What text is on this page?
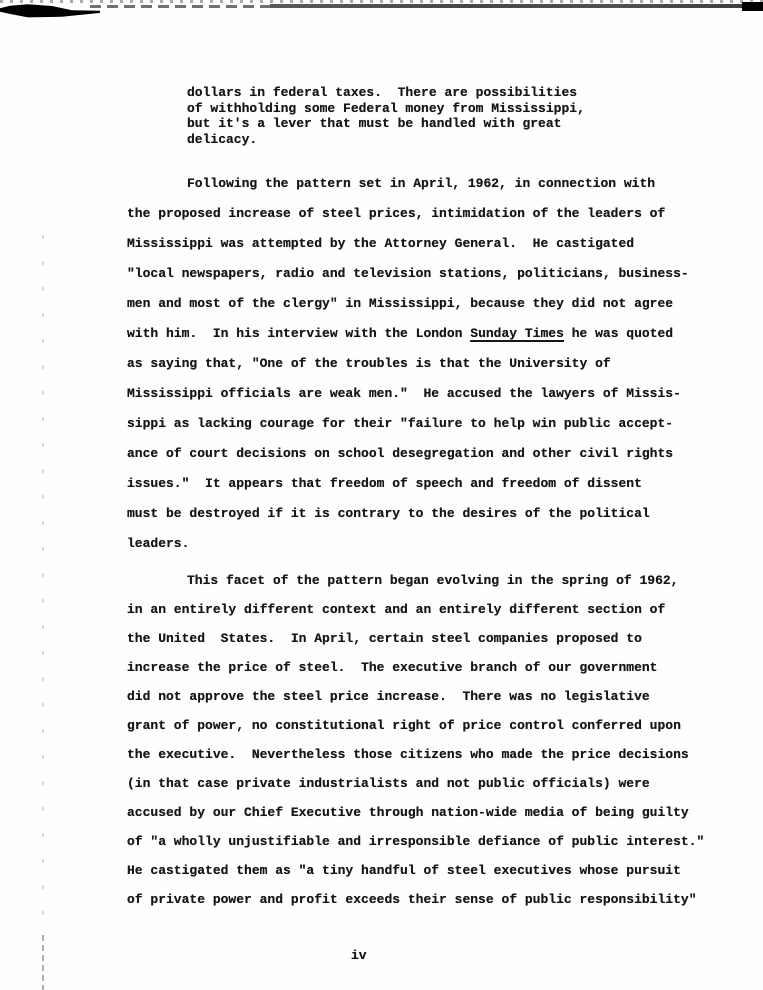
dollars in federal taxes.  There are possibilities
of withholding some Federal money from Mississippi,
but it's a lever that must be handled with great
delicacy.
Following the pattern set in April, 1962, in connection with
the proposed increase of steel prices, intimidation of the leaders of
Mississippi was attempted by the Attorney General.  He castigated
"local newspapers, radio and television stations, politicians, business-
men and most of the clergy" in Mississippi, because they did not agree
with him.  In his interview with the London Sunday Times he was quoted
as saying that, "One of the troubles is that the University of
Mississippi officials are weak men."  He accused the lawyers of Missis-
sippi as lacking courage for their "failure to help win public accept-
ance of court decisions on school desegregation and other civil rights
issues."  It appears that freedom of speech and freedom of dissent
must be destroyed if it is contrary to the desires of the political
leaders.
This facet of the pattern began evolving in the spring of 1962,
in an entirely different context and an entirely different section of
the United  States.  In April, certain steel companies proposed to
increase the price of steel.  The executive branch of our government
did not approve the steel price increase.  There was no legislative
grant of power, no constitutional right of price control conferred upon
the executive.  Nevertheless those citizens who made the price decisions
(in that case private industrialists and not public officials) were
accused by our Chief Executive through nation-wide media of being guilty
of "a wholly unjustifiable and irresponsible defiance of public interest."
He castigated them as "a tiny handful of steel executives whose pursuit
of private power and profit exceeds their sense of public responsibility"
iv
